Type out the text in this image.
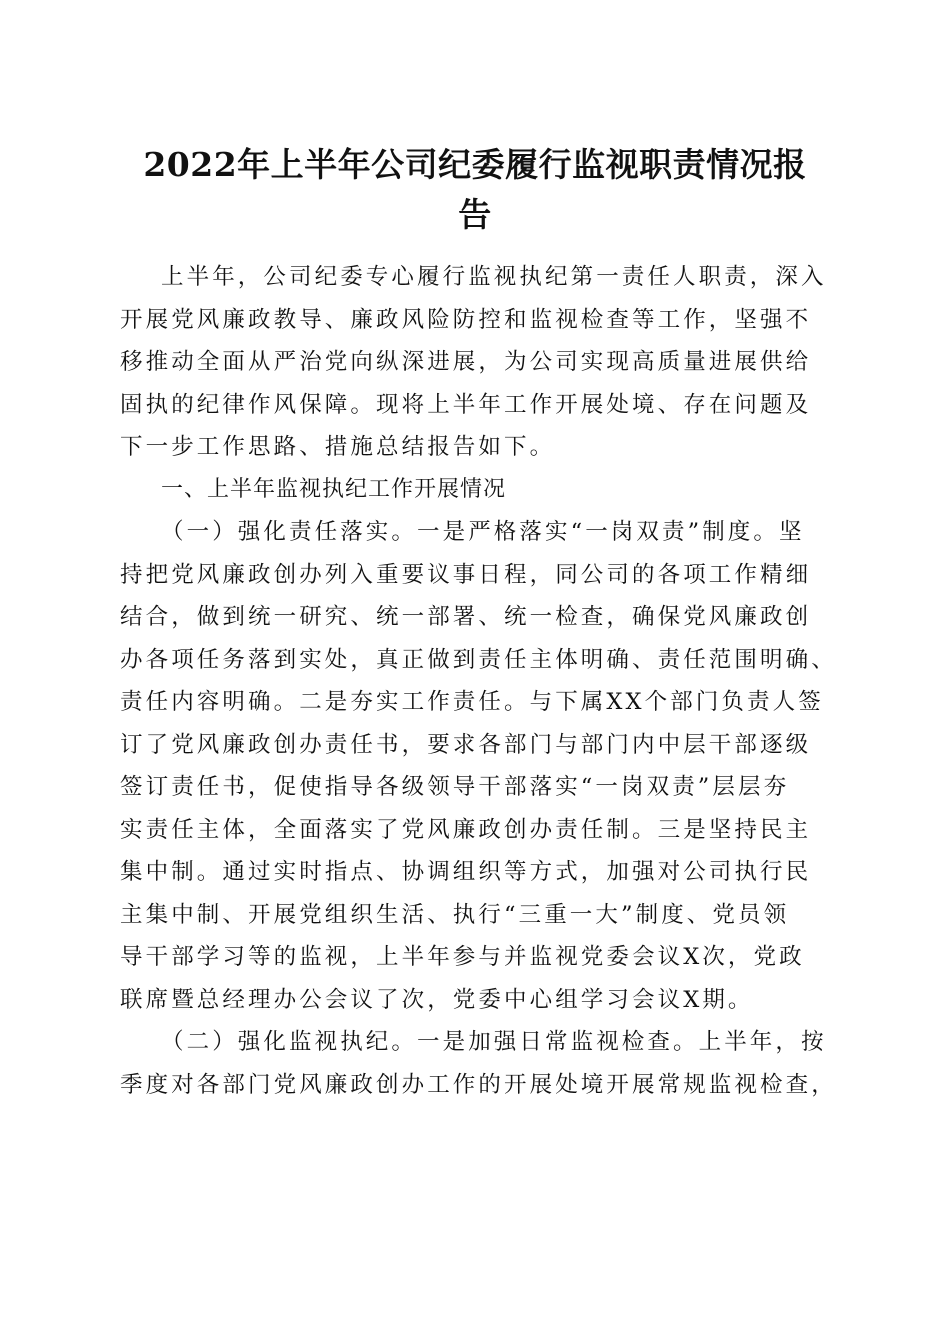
2022年上半年公司纪委履行监视职责情况报
告
上半年，公司纪委专心履行监视执纪第一责任人职责，深入
开展党风廉政教导、廉政风险防控和监视检查等工作，坚强不
移推动全面从严治党向纵深进展，为公司实现高质量进展供给
固执的纪律作风保障。现将上半年工作开展处境、存在问题及
下一步工作思路、措施总结报告如下。
一、上半年监视执纪工作开展情况
（一）强化责任落实。一是严格落实“一岗双责”制度。坚
持把党风廉政创办列入重要议事日程，同公司的各项工作精细
结合，做到统一研究、统一部署、统一检查，确保党风廉政创
办各项任务落到实处，真正做到责任主体明确、责任范围明确、
责任内容明确。二是夯实工作责任。与下属XX个部门负责人签
订了党风廉政创办责任书，要求各部门与部门内中层干部逐级
签订责任书，促使指导各级领导干部落实“一岗双责”层层夯
实责任主体，全面落实了党风廉政创办责任制。三是坚持民主
集中制。通过实时指点、协调组织等方式，加强对公司执行民
主集中制、开展党组织生活、执行“三重一大”制度、党员领
导干部学习等的监视，上半年参与并监视党委会议X次，党政
联席暨总经理办公会议了次，党委中心组学习会议X期。
（二）强化监视执纪。一是加强日常监视检查。上半年，按
季度对各部门党风廉政创办工作的开展处境开展常规监视检查，
